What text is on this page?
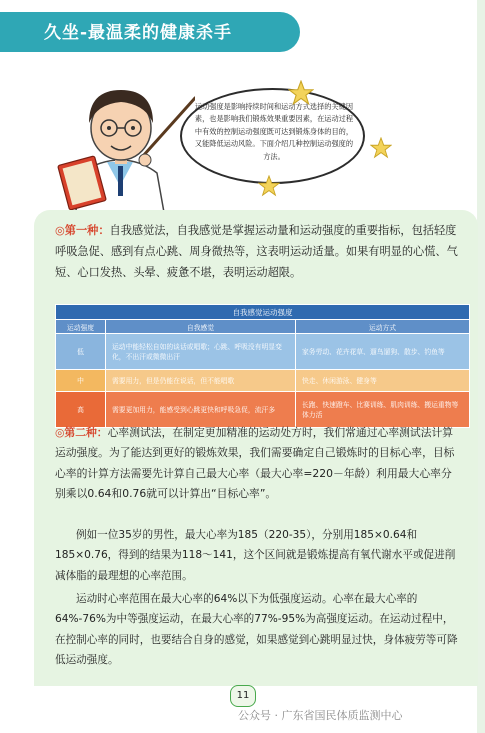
久坐-最温柔的健康杀手
运动强度是影响持续时间和运动方式选择的关键因素，也是影响我们锻炼效果重要因素，在运动过程中有效的控制运动强度既可达到锻炼身体的目的，又能降低运动风险。下面介绍几种控制运动强度的方法。
◎第一种：自我感觉法，自我感觉是掌握运动量和运动强度的重要指标，包括轻度呼吸急促、感到有点心跳、周身微热等，这表明运动适量。如果有明显的心慌、气短、心口发热、头晕、疲惫不堪，表明运动超限。
自我感觉运动强度		
运动强度	自我感觉	运动方式
低	运动中能轻松自如的谈话或唱歌；心跳、呼吸没有明显变化，不出汗或微微出汗	家务劳动、花卉花草、遛鸟遛狗、散步、钓鱼等
中	需要用力，但是仍能在说话，但不能唱歌	快走、休闲游泳、健身等
高	需要更加用力，能感受到心跳更快和呼吸急促，流汗多	长跑、快速蹬车、比赛训练、肌肉训练、搬运重物等体力活
◎第二种：心率测试法，在制定更加精准的运动处方时，我们常通过心率测试法计算运动强度。为了能达到更好的锻炼效果，我们需要确定自己锻炼时的目标心率，目标心率的计算方法需要先计算自己最大心率（最大心率=220－年龄）利用最大心率分别乘以0.64和0.76就可以计算出“目标心率”。
例如一位35岁的男性，最大心率为185（220-35），分别用185×0.64和185×0.76，得到的结果为118～141，这个区间就是锻炼提高有氧代谢水平或促进削减体脂的最理想的心率范围。
运动时心率范围在最大心率的64%以下为低强度运动。心率在最大心率的64%-76%为中等强度运动，在最大心率的77%-95%为高强度运动。在运动过程中，在控制心率的同时，也要结合自身的感觉，如果感觉到心跳明显过快，身体疲劳等可降低运动强度。
11
公众号 · 广东省国民体质监测中心
